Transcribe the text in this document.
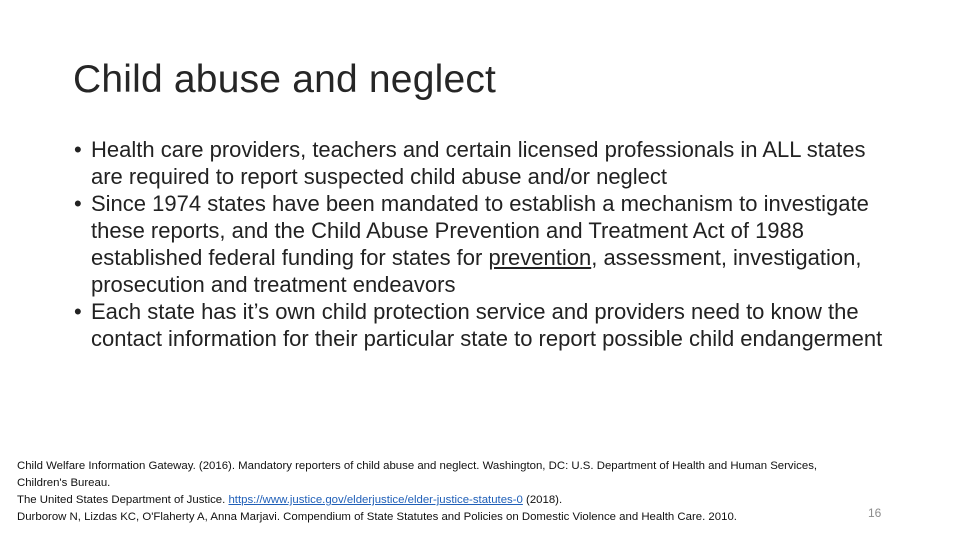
Child abuse and neglect
• Health care providers, teachers and certain licensed professionals in ALL states are required to report suspected child abuse and/or neglect
• Since 1974 states have been mandated to establish a mechanism to investigate these reports, and the Child Abuse Prevention and Treatment Act of 1988 established federal funding for states for prevention, assessment, investigation, prosecution and treatment endeavors
• Each state has it’s own child protection service and providers need to know the contact information for their particular state to report possible child endangerment
Child Welfare Information Gateway. (2016). Mandatory reporters of child abuse and neglect. Washington, DC: U.S. Department of Health and Human Services,
Children's Bureau.
The United States Department of Justice. https://www.justice.gov/elderjustice/elder-justice-statutes-0 (2018).
Durborow N, Lizdas KC, O'Flaherty A, Anna Marjavi. Compendium of State Statutes and Policies on Domestic Violence and Health Care. 2010.	16
